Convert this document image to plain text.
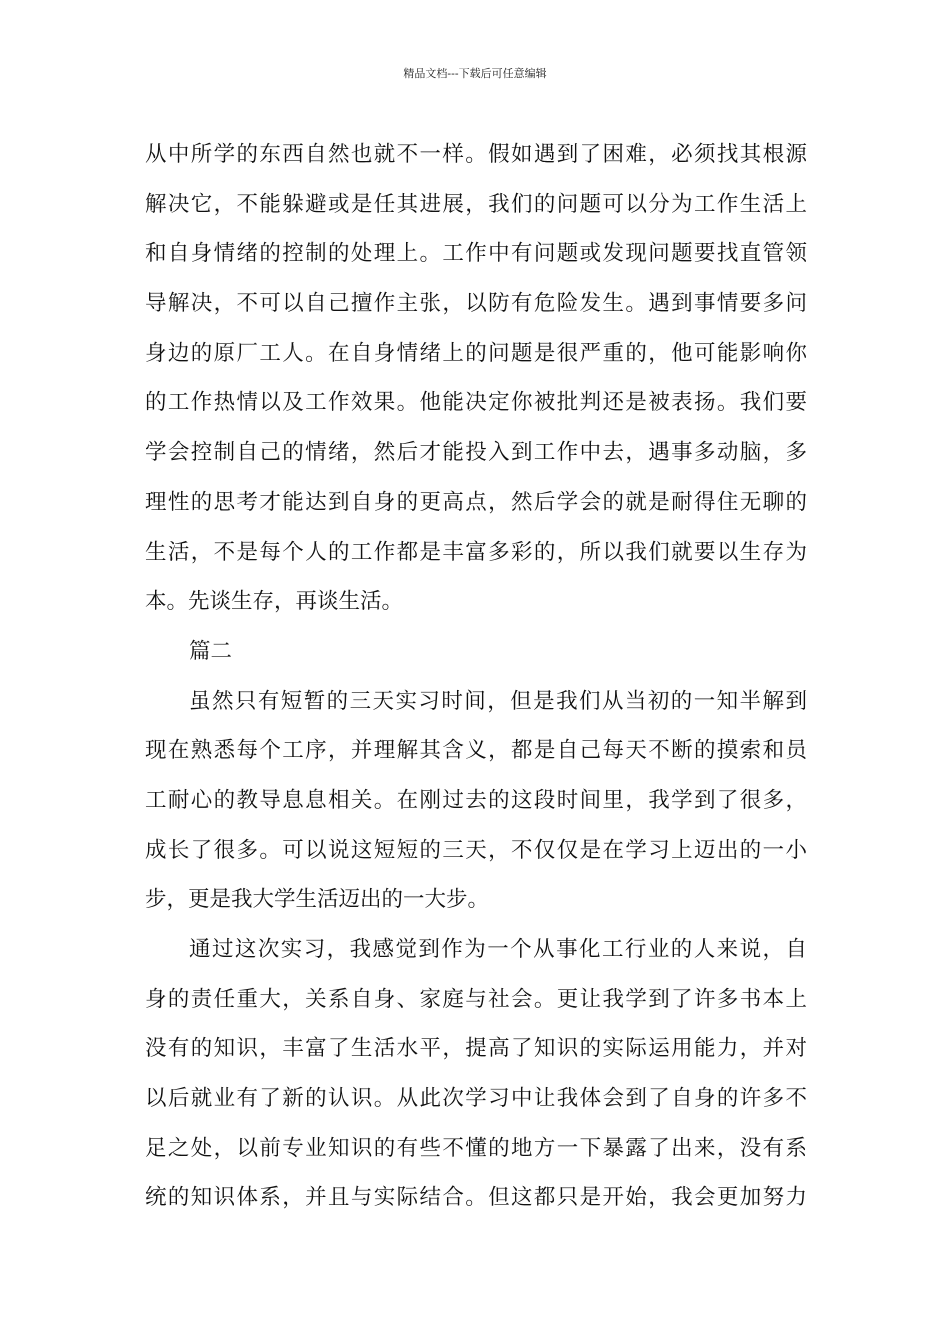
精品文档---下载后可任意编辑
从中所学的东西自然也就不一样。假如遇到了困难，必须找其根源
解决它，不能躲避或是任其进展，我们的问题可以分为工作生活上
和自身情绪的控制的处理上。工作中有问题或发现问题要找直管领
导解决，不可以自己擅作主张，以防有危险发生。遇到事情要多问
身边的原厂工人。在自身情绪上的问题是很严重的，他可能影响你
的工作热情以及工作效果。他能决定你被批判还是被表扬。我们要
学会控制自己的情绪，然后才能投入到工作中去，遇事多动脑，多
理性的思考才能达到自身的更高点，然后学会的就是耐得住无聊的
生活，不是每个人的工作都是丰富多彩的，所以我们就要以生存为
本。先谈生存，再谈生活。
篇二
虽然只有短暂的三天实习时间，但是我们从当初的一知半解到
现在熟悉每个工序，并理解其含义，都是自己每天不断的摸索和员
工耐心的教导息息相关。在刚过去的这段时间里，我学到了很多，
成长了很多。可以说这短短的三天，不仅仅是在学习上迈出的一小
步，更是我大学生活迈出的一大步。
通过这次实习，我感觉到作为一个从事化工行业的人来说，自
身的责任重大，关系自身、家庭与社会。更让我学到了许多书本上
没有的知识，丰富了生活水平，提高了知识的实际运用能力，并对
以后就业有了新的认识。从此次学习中让我体会到了自身的许多不
足之处，以前专业知识的有些不懂的地方一下暴露了出来，没有系
统的知识体系，并且与实际结合。但这都只是开始，我会更加努力
